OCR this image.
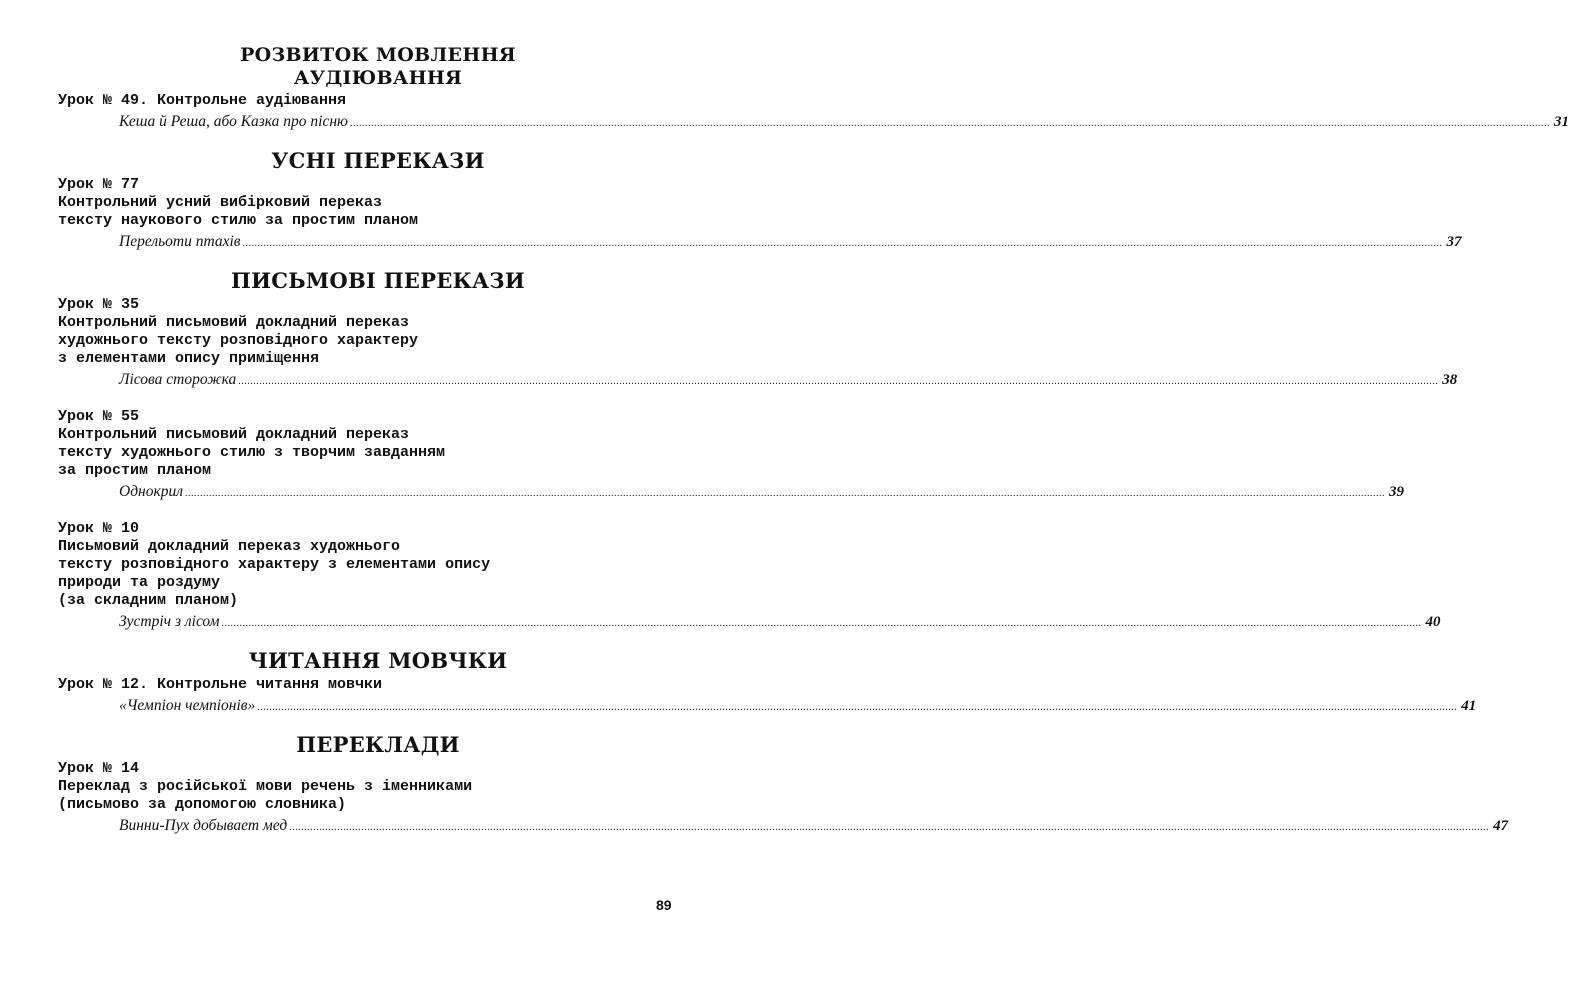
РОЗВИТОК МОВЛЕННЯ
АУДІЮВАННЯ
Урок № 49. Контрольне аудіювання
Кеша й Реша, або Казка про пісню ................................................................................................................................................................................................................................................................................................................................................................................................................ 31
УСНІ ПЕРЕКАЗИ
Урок № 77
Контрольний усний вибірковий переказ
тексту наукового стилю за простим планом
Перельоти птахів ................................................................................................................................................................................................................................................................................................................................................................................................................ 37
ПИСЬМОВІ ПЕРЕКАЗИ
Урок № 35
Контрольний письмовий докладний переказ
художнього тексту розповідного характеру
з елементами опису приміщення
Лісова сторожка ................................................................................................................................................................................................................................................................................................................................................................................................................ 38
Урок № 55
Контрольний письмовий докладний переказ
тексту художнього стилю з творчим завданням
за простим планом
Однокрил ................................................................................................................................................................................................................................................................................................................................................................................................................ 39
Урок № 10
Письмовий докладний переказ художнього
тексту розповідного характеру з елементами опису
природи та роздуму
(за складним планом)
Зустріч з лісом ................................................................................................................................................................................................................................................................................................................................................................................................................ 40
ЧИТАННЯ МОВЧКИ
Урок № 12. Контрольне читання мовчки
«Чемпіон чемпіонів» ................................................................................................................................................................................................................................................................................................................................................................................................................ 41
ПЕРЕКЛАДИ
Урок № 14
Переклад з російської мови речень з іменниками
(письмово за допомогою словника)
Винни-Пух добывает мед ................................................................................................................................................................................................................................................................................................................................................................................................................ 47
89
